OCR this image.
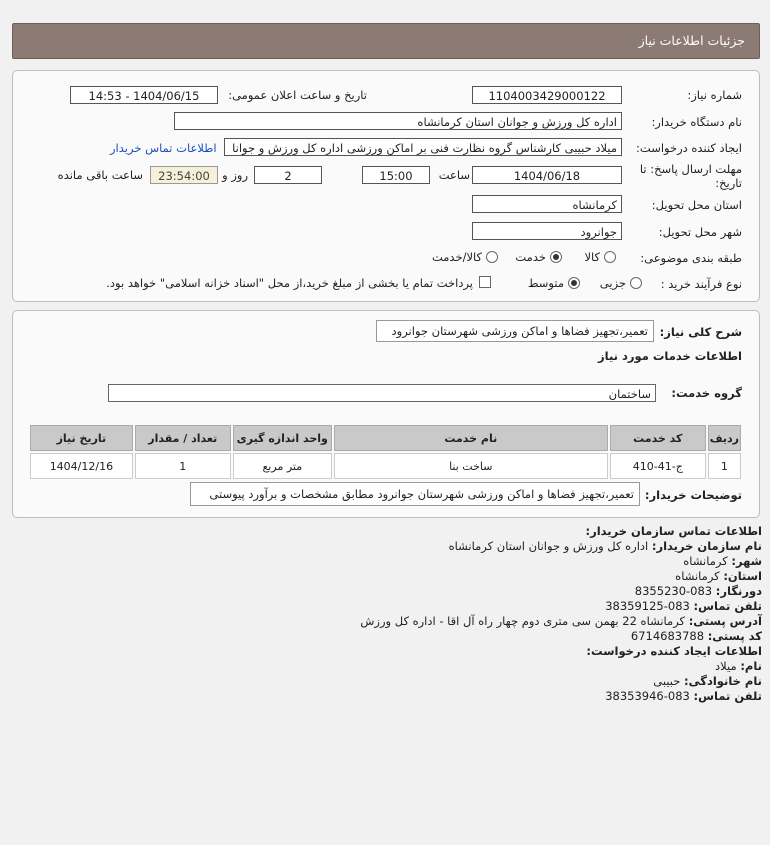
جزئیات اطلاعات نیاز
شماره نیاز:
1104003429000122
تاریخ و ساعت اعلان عمومی:
1404/06/15 - 14:53
نام دستگاه خریدار:
اداره کل ورزش و جوانان استان کرمانشاه
ایجاد کننده درخواست:
میلاد حبیبی کارشناس گروه نظارت فنی بر اماکن ورزشی اداره کل ورزش و جوانا
اطلاعات تماس خریدار
مهلت ارسال پاسخ: تا تاریخ:
1404/06/18
ساعت
15:00
2
روز و
23:54:00
ساعت باقی مانده
استان محل تحویل:
کرمانشاه
شهر محل تحویل:
جوانرود
طبقه بندی موضوعی:
کالا
خدمت
کالا/خدمت
نوع فرآیند خرید :
جزیی
متوسط
پرداخت تمام یا بخشی از مبلغ خرید،از محل "اسناد خزانه اسلامی" خواهد بود.
شرح کلی نیاز:
تعمیر،تجهیز فضاها و اماکن ورزشی شهرستان جوانرود
اطلاعات خدمات مورد نیاز
گروه خدمت:
ساختمان
ردیف	کد خدمت	نام خدمت	واحد اندازه گیری	تعداد / مقدار	تاریخ نیاز
1	ج-41-410	ساخت بنا	متر مربع	1	1404/12/16
توضیحات خریدار:
تعمیر،تجهیز فضاها و اماکن ورزشی شهرستان جوانرود مطابق مشخصات و برآورد پیوستی
اطلاعات تماس سازمان خریدار:
نام سازمان خریدار: اداره کل ورزش و جوانان استان کرمانشاه
شهر: کرمانشاه
استان: کرمانشاه
دورنگار: 083-8355230
تلفن تماس: 083-38359125
آدرس پستی: کرمانشاه 22 بهمن سی متری دوم چهار راه آل اقا - اداره کل ورزش
کد پستی: 6714683788
اطلاعات ایجاد کننده درخواست:
نام: میلاد
نام خانوادگی: حبیبی
تلفن تماس: 083-38353946
